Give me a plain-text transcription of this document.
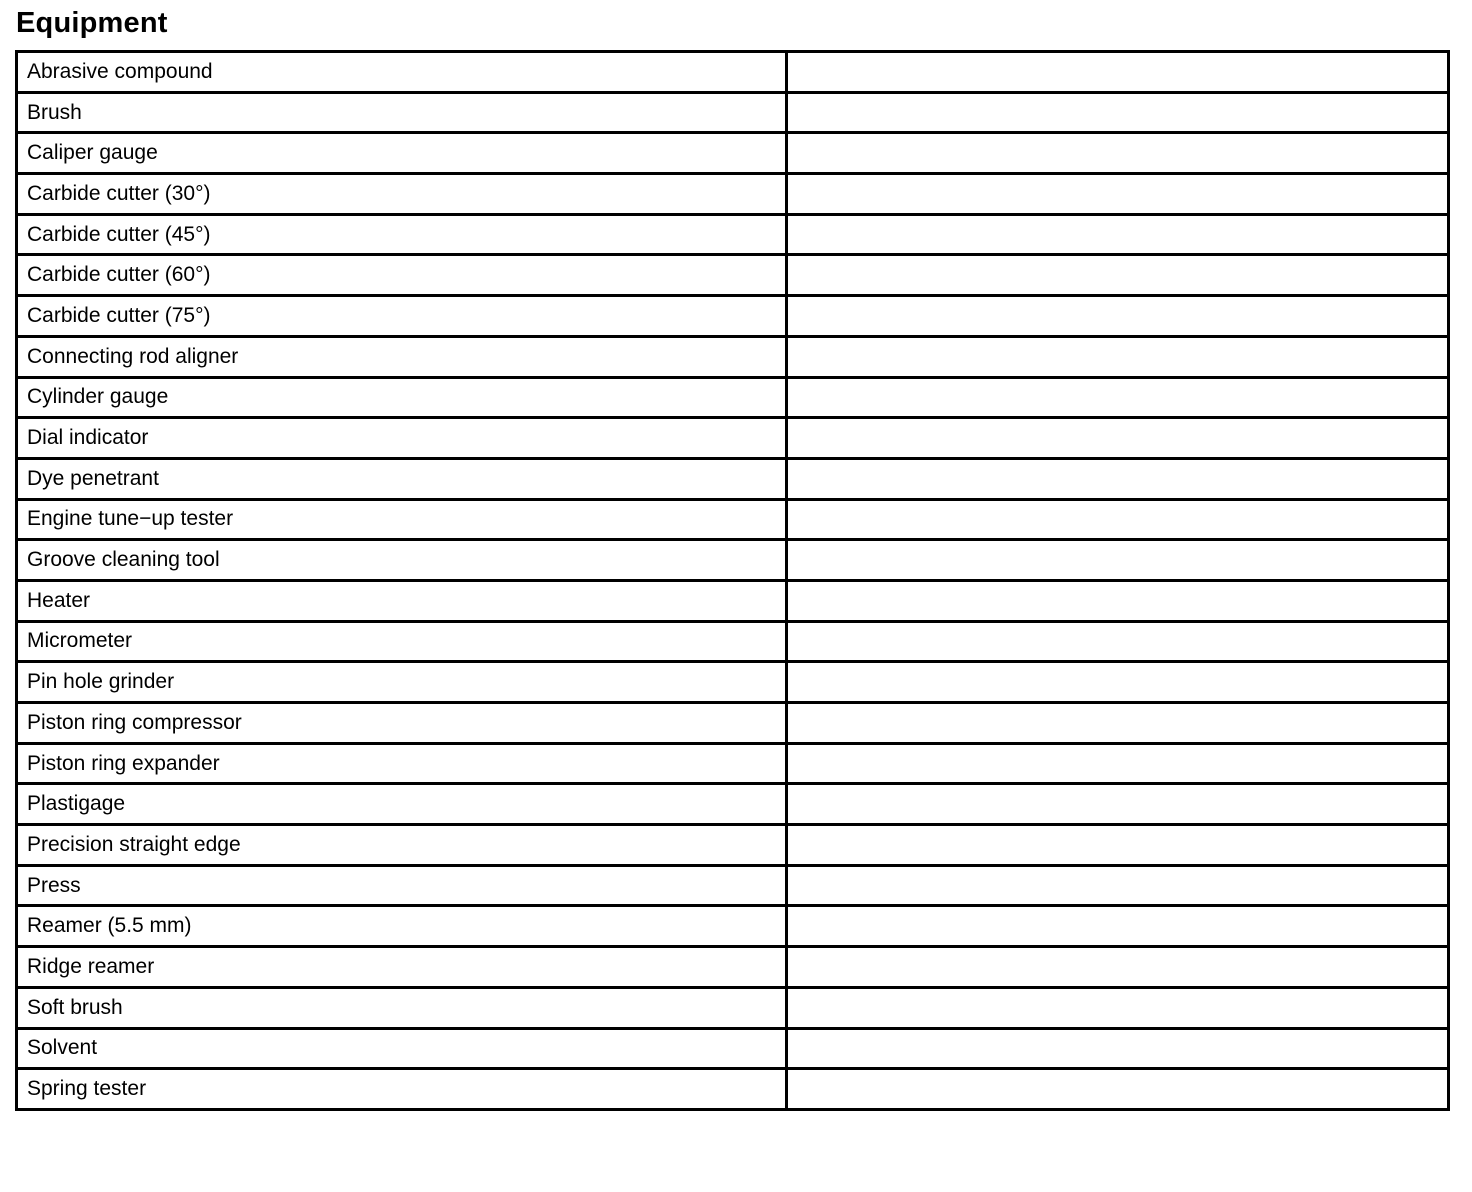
Equipment
Abrasive compound	
Brush	
Caliper gauge	
Carbide cutter (30°)	
Carbide cutter (45°)	
Carbide cutter (60°)	
Carbide cutter (75°)	
Connecting rod aligner	
Cylinder gauge	
Dial indicator	
Dye penetrant	
Engine tune−up tester	
Groove cleaning tool	
Heater	
Micrometer	
Pin hole grinder	
Piston ring compressor	
Piston ring expander	
Plastigage	
Precision straight edge	
Press	
Reamer (5.5 mm)	
Ridge reamer	
Soft brush	
Solvent	
Spring tester	
